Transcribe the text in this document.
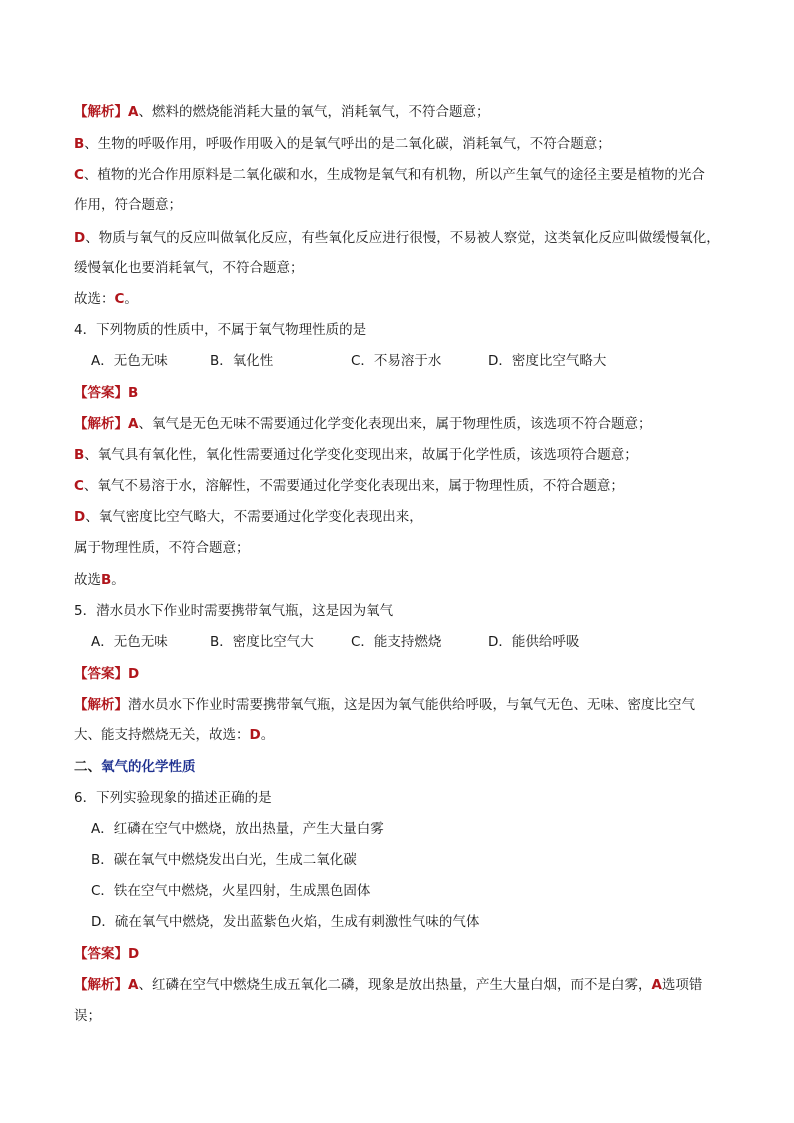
【解析】A、燃料的燃烧能消耗大量的氧气，消耗氧气，不符合题意；
B、生物的呼吸作用，呼吸作用吸入的是氧气呼出的是二氧化碳，消耗氧气，不符合题意；
C、植物的光合作用原料是二氧化碳和水，生成物是氧气和有机物，所以产生氧气的途径主要是植物的光合
作用，符合题意；
D、物质与氧气的反应叫做氧化反应，有些氧化反应进行很慢，不易被人察觉，这类氧化反应叫做缓慢氧化，
缓慢氧化也要消耗氧气，不符合题意；
故选：C。
4．下列物质的性质中，不属于氧气物理性质的是
A．无色无味	B．氧化性	C．不易溶于水	D．密度比空气略大
【答案】B
【解析】A、氧气是无色无味不需要通过化学变化表现出来，属于物理性质，该选项不符合题意；
B、氧气具有氧化性，氧化性需要通过化学变化变现出来，故属于化学性质，该选项符合题意；
C、氧气不易溶于水，溶解性，不需要通过化学变化表现出来，属于物理性质，不符合题意；
D、氧气密度比空气略大，不需要通过化学变化表现出来，
属于物理性质，不符合题意；
故选B。
5．潜水员水下作业时需要携带氧气瓶，这是因为氧气
A．无色无味	B．密度比空气大	C．能支持燃烧	D．能供给呼吸
【答案】D
【解析】潜水员水下作业时需要携带氧气瓶，这是因为氧气能供给呼吸，与氧气无色、无味、密度比空气
大、能支持燃烧无关，故选：D。
二、氧气的化学性质
6．下列实验现象的描述正确的是
A．红磷在空气中燃烧，放出热量，产生大量白雾
B．碳在氧气中燃烧发出白光，生成二氧化碳
C．铁在空气中燃烧，火星四射，生成黑色固体
D．硫在氧气中燃烧，发出蓝紫色火焰，生成有刺激性气味的气体
【答案】D
【解析】A、红磷在空气中燃烧生成五氧化二磷，现象是放出热量，产生大量白烟，而不是白雾，A选项错
误；
